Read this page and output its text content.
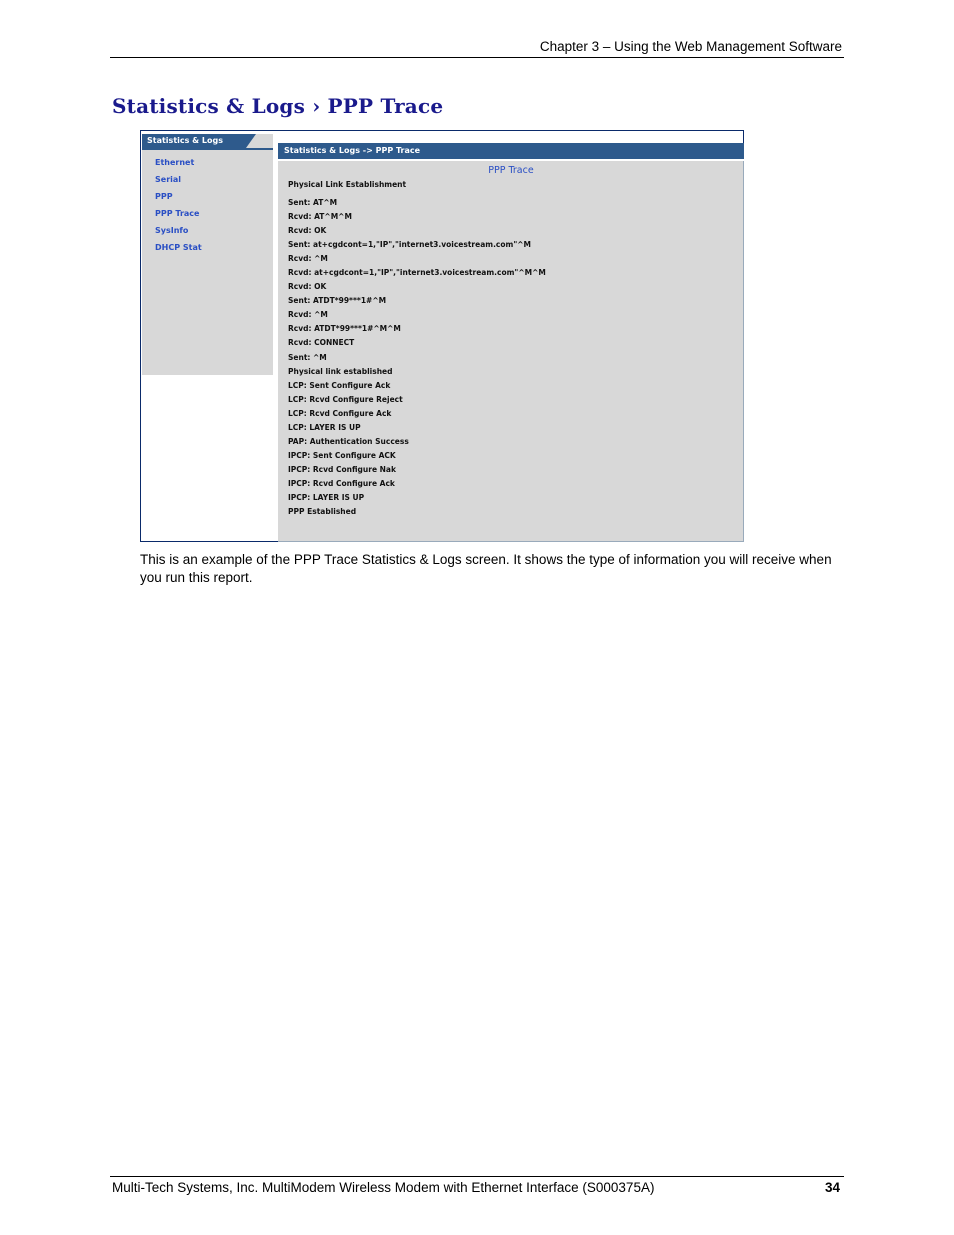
Chapter 3 – Using the Web Management Software
Statistics & Logs › PPP Trace
Statistics & Logs
Ethernet
Serial
PPP
PPP Trace
SysInfo
DHCP Stat
Statistics & Logs -> PPP Trace
PPP Trace
Physical Link Establishment
Sent: AT^M
Rcvd: AT^M^M
Rcvd: OK
Sent: at+cgdcont=1,"IP","internet3.voicestream.com"^M
Rcvd: ^M
Rcvd: at+cgdcont=1,"IP","internet3.voicestream.com"^M^M
Rcvd: OK
Sent: ATDT*99***1#^M
Rcvd: ^M
Rcvd: ATDT*99***1#^M^M
Rcvd: CONNECT
Sent: ^M
Physical link established
LCP: Sent Configure Ack
LCP: Rcvd Configure Reject
LCP: Rcvd Configure Ack
LCP: LAYER IS UP
PAP: Authentication Success
IPCP: Sent Configure ACK
IPCP: Rcvd Configure Nak
IPCP: Rcvd Configure Ack
IPCP: LAYER IS UP
PPP Established
This is an example of the PPP Trace Statistics & Logs screen. It shows the type of information you will receive when you run this report.
Multi-Tech Systems, Inc. MultiModem Wireless Modem with Ethernet Interface (S000375A)	34
